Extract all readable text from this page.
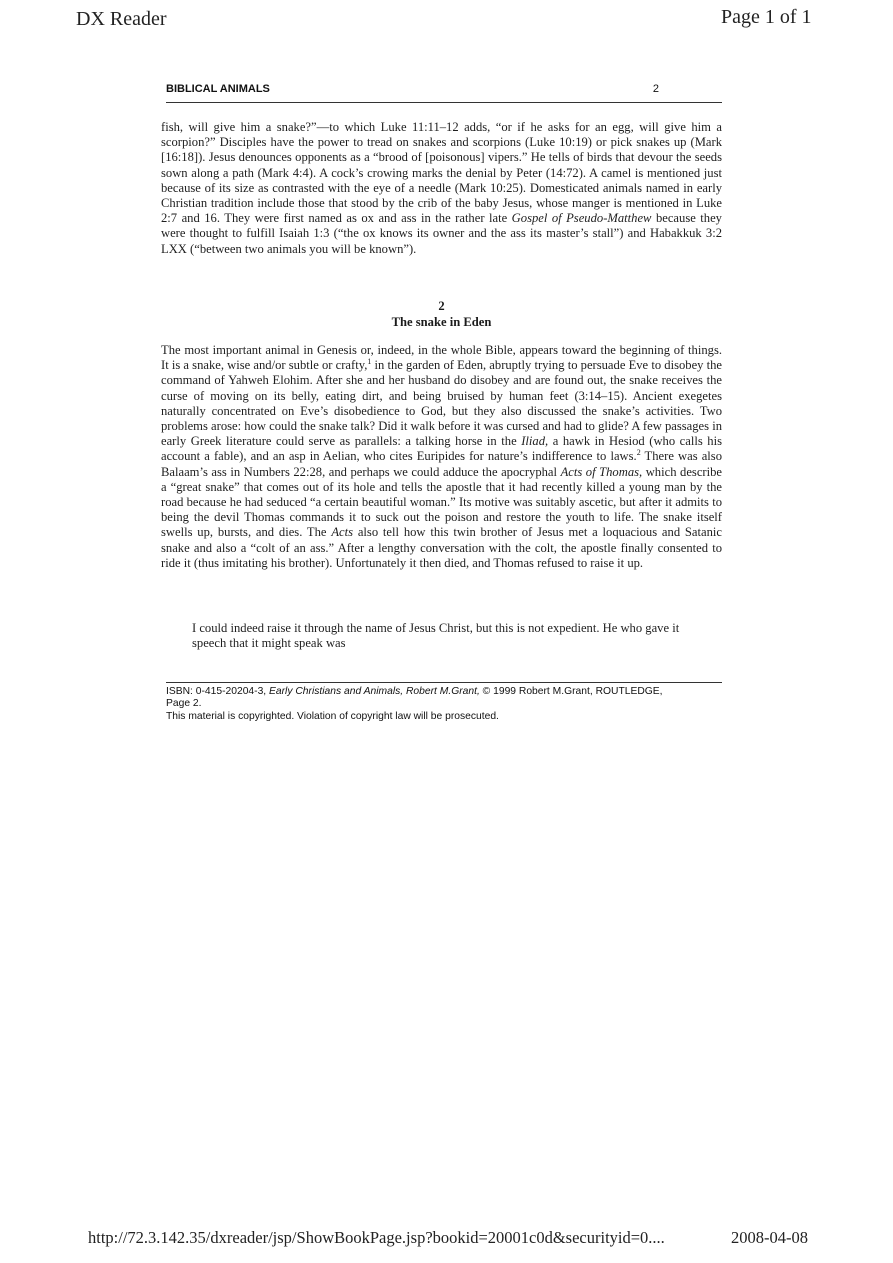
DX Reader	Page 1 of 1
BIBLICAL ANIMALS	2

fish, will give him a snake?”—to which Luke 11:11–12 adds, “or if he asks for an egg, will give him a scorpion?” Disciples have the power to tread on snakes and scorpions (Luke 10:19) or pick snakes up (Mark [16:18]). Jesus denounces opponents as a “brood of [poisonous] vipers.” He tells of birds that devour the seeds sown along a path (Mark 4:4). A cock’s crowing marks the denial by Peter (14:72). A camel is mentioned just because of its size as contrasted with the eye of a needle (Mark 10:25). Domesticated animals named in early Christian tradition include those that stood by the crib of the baby Jesus, whose manger is mentioned in Luke 2:7 and 16. They were first named as ox and ass in the rather late Gospel of Pseudo-Matthew because they were thought to fulfill Isaiah 1:3 (“the ox knows its owner and the ass its master’s stall”) and Habakkuk 3:2 LXX (“between two animals you will be known”).

2
The snake in Eden

The most important animal in Genesis or, indeed, in the whole Bible, appears toward the beginning of things. It is a snake, wise and/or subtle or crafty,$^1$ in the garden of Eden, abruptly trying to persuade Eve to disobey the command of Yahweh Elohim. After she and her husband do disobey and are found out, the snake receives the curse of moving on its belly, eating dirt, and being bruised by human feet (3:14–15). Ancient exegetes naturally concentrated on Eve’s disobedience to God, but they also discussed the snake’s activities. Two problems arose: how could the snake talk? Did it walk before it was cursed and had to glide? A few passages in early Greek literature could serve as parallels: a talking horse in the Iliad, a hawk in Hesiod (who calls his account a fable), and an asp in Aelian, who cites Euripides for nature’s indifference to laws.$^2$ There was also Balaam’s ass in Numbers 22:28, and perhaps we could adduce the apocryphal Acts of Thomas, which describe a “great snake” that comes out of its hole and tells the apostle that it had recently killed a young man by the road because he had seduced “a certain beautiful woman.” Its motive was suitably ascetic, but after it admits to being the devil Thomas commands it to suck out the poison and restore the youth to life. The snake itself swells up, bursts, and dies. The Acts also tell how this twin brother of Jesus met a loquacious and Satanic snake and also a “colt of an ass.” After a lengthy conversation with the colt, the apostle finally consented to ride it (thus imitating his brother). Unfortunately it then died, and Thomas refused to raise it up.

I could indeed raise it through the name of Jesus Christ, but this is not expedient. He who gave it speech that it might speak was
ISBN: 0-415-20204-3, Early Christians and Animals, Robert M.Grant, © 1999 Robert M.Grant, ROUTLEDGE,
Page 2.
This material is copyrighted. Violation of copyright law will be prosecuted.
http://72.3.142.35/dxreader/jsp/ShowBookPage.jsp?bookid=20001c0d&securityid=0....	2008-04-08
